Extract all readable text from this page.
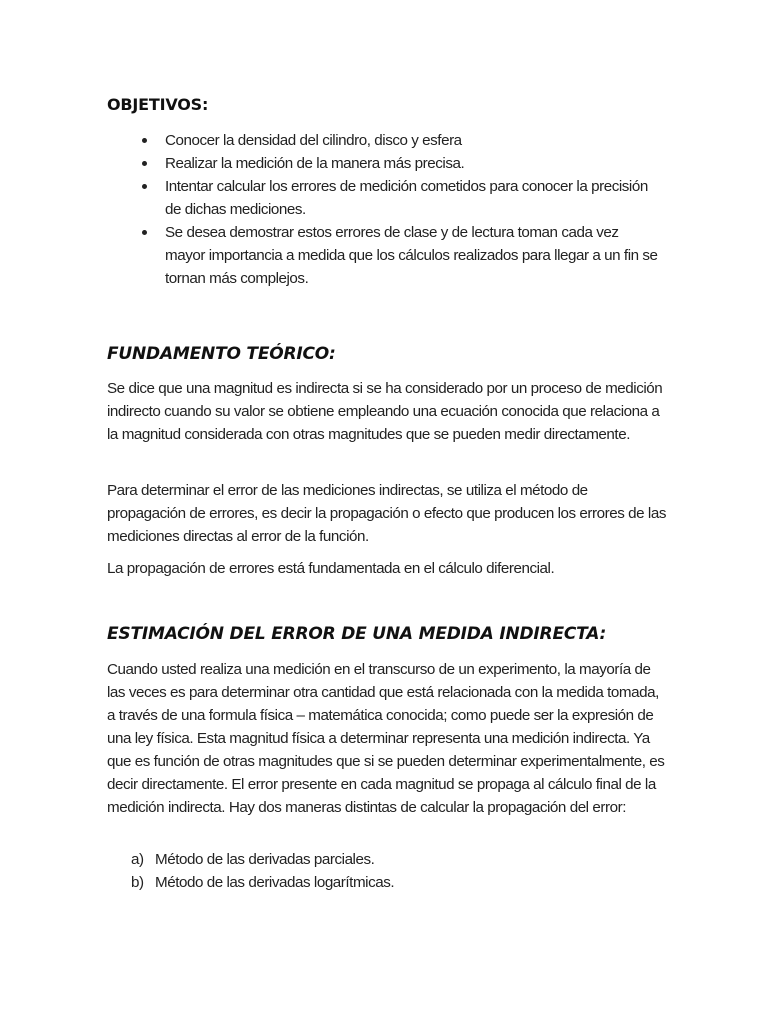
OBJETIVOS:
Conocer la densidad del cilindro, disco y esfera
Realizar la medición de la manera más precisa.
Intentar calcular los errores de medición cometidos para conocer la precisión de dichas mediciones.
Se desea demostrar estos errores de clase y de lectura toman cada vez mayor importancia a medida que los cálculos realizados para llegar a un fin se tornan más complejos.
FUNDAMENTO TEÓRICO:

Se dice que una magnitud es indirecta si se ha considerado por un proceso de medición indirecto cuando su valor se obtiene empleando una ecuación conocida que relaciona a la magnitud considerada con otras magnitudes que se pueden medir directamente.

Para determinar el error de las mediciones indirectas, se utiliza el método de propagación de errores, es decir la propagación o efecto que producen los errores de las mediciones directas al error de la función.

La propagación de errores está fundamentada en el cálculo diferencial.

ESTIMACIÓN DEL ERROR DE UNA MEDIDA INDIRECTA:

Cuando usted realiza una medición en el transcurso de un experimento, la mayoría de las veces es para determinar otra cantidad que está relacionada con la medida tomada, a través de una formula física – matemática conocida; como puede ser la expresión de una ley física. Esta magnitud física a determinar representa una medición indirecta. Ya que es función de otras magnitudes que si se pueden determinar experimentalmente, es decir directamente. El error presente en cada magnitud se propaga al cálculo final de la medición indirecta. Hay dos maneras distintas de calcular la propagación del error:

a) Método de las derivadas parciales.
b) Método de las derivadas logarítmicas.
